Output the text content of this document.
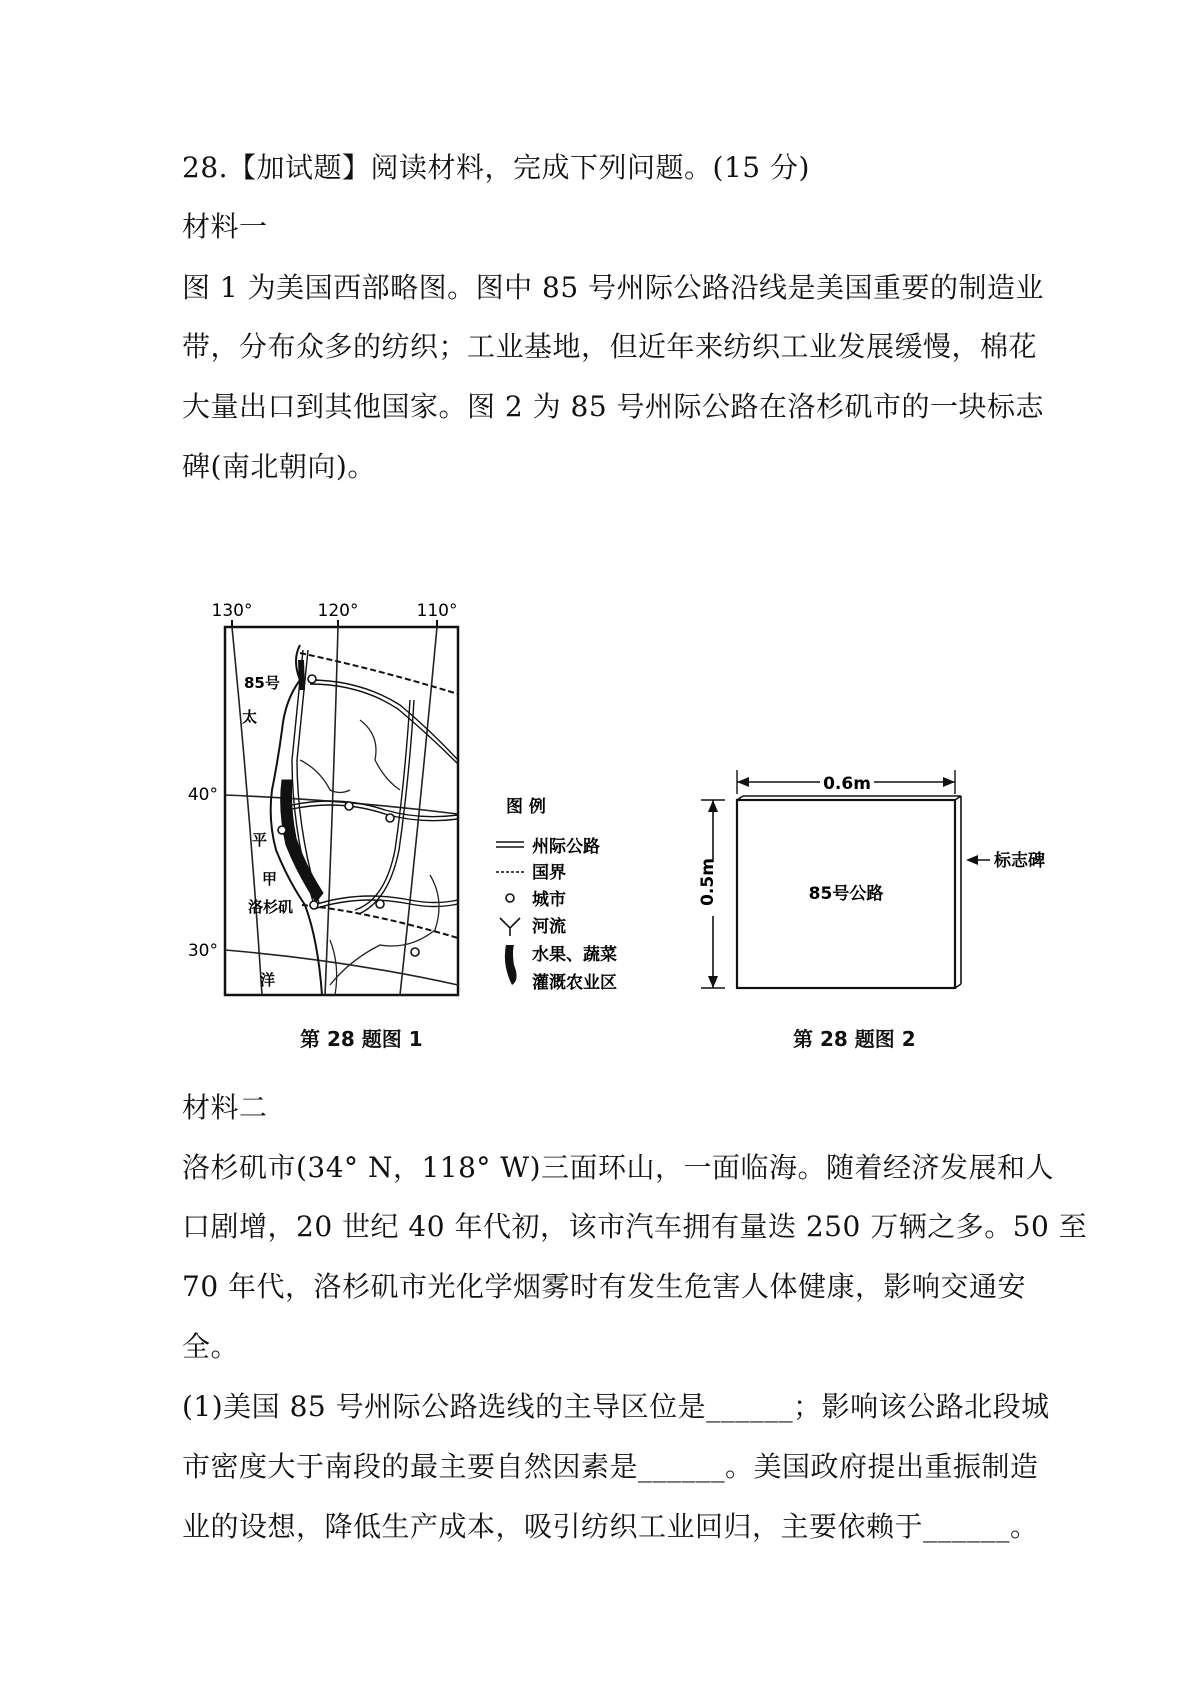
28.【加试题】阅读材料，完成下列问题。(15 分)
材料一
图 1 为美国西部略图。图中 85 号州际公路沿线是美国重要的制造业
带，分布众多的纺织；工业基地，但近年来纺织工业发展缓慢，棉花
大量出口到其他国家。图 2 为 85 号州际公路在洛杉矶市的一块标志
碑(南北朝向)。
130°	120°	110°
40°
30°
85号
太
平
甲
洛杉矶
洋
图 例
州际公路
国界
城市
河流
水果、蔬菜
灌溉农业区
0.6m
0.5m	85号公路
标志碑
第 28 题图 1	第 28 题图 2
材料二
洛杉矶市(34° N，118° W)三面环山，一面临海。随着经济发展和人
口剧增，20 世纪 40 年代初，该市汽车拥有量迭 250 万辆之多。50 至
70 年代，洛杉矶市光化学烟雾时有发生危害人体健康，影响交通安
全。
(1)美国 85 号州际公路选线的主导区位是______；影响该公路北段城
市密度大于南段的最主要自然因素是______。美国政府提出重振制造
业的设想，降低生产成本，吸引纺织工业回归，主要依赖于______。
